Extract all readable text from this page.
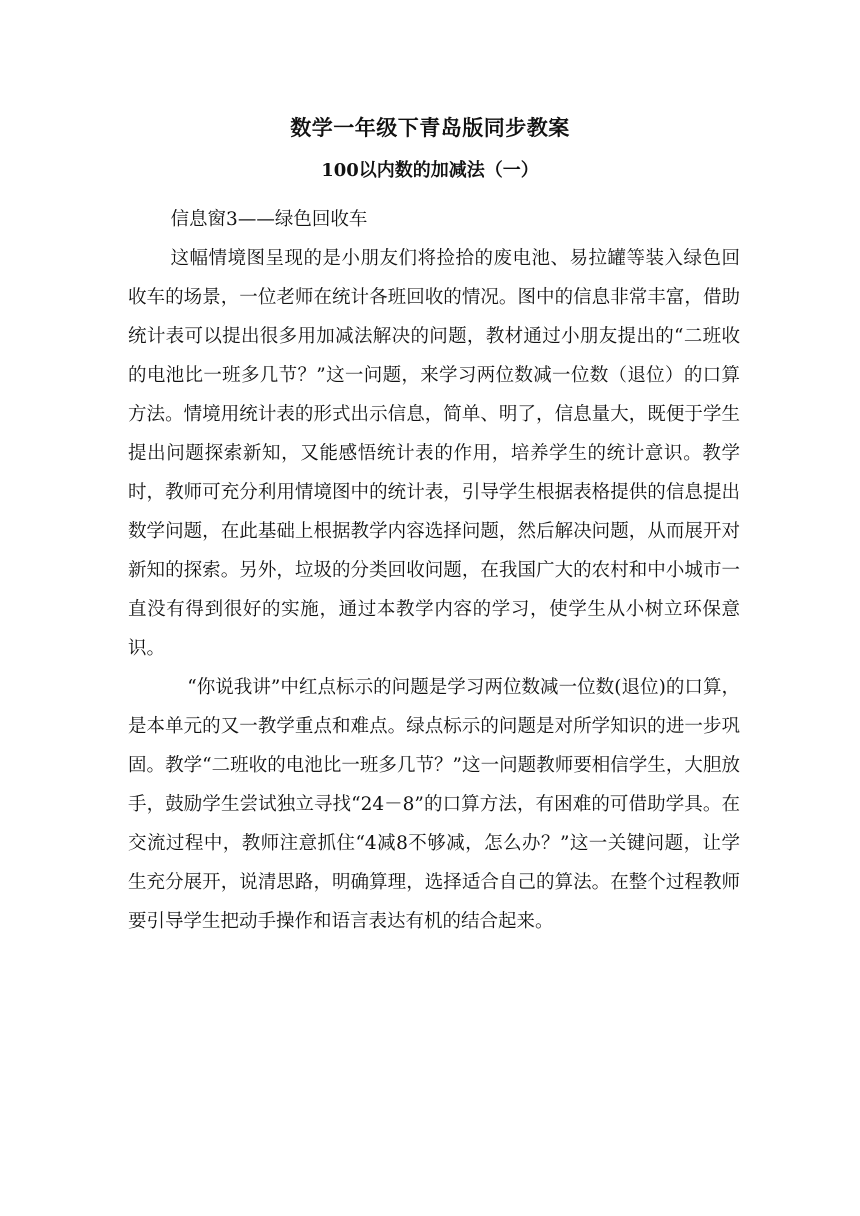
数学一年级下青岛版同步教案
100以内数的加减法（一）

信息窗3——绿色回收车

这幅情境图呈现的是小朋友们将捡拾的废电池、易拉罐等装入绿色回收车的场景，一位老师在统计各班回收的情况。图中的信息非常丰富，借助统计表可以提出很多用加减法解决的问题，教材通过小朋友提出的“二班收的电池比一班多几节？”这一问题，来学习两位数减一位数（退位）的口算方法。情境用统计表的形式出示信息，简单、明了，信息量大，既便于学生提出问题探索新知，又能感悟统计表的作用，培养学生的统计意识。教学时，教师可充分利用情境图中的统计表，引导学生根据表格提供的信息提出数学问题，在此基础上根据教学内容选择问题，然后解决问题，从而展开对新知的探索。另外，垃圾的分类回收问题，在我国广大的农村和中小城市一直没有得到很好的实施，通过本教学内容的学习，使学生从小树立环保意识。

“你说我讲”中红点标示的问题是学习两位数减一位数(退位)的口算，是本单元的又一教学重点和难点。绿点标示的问题是对所学知识的进一步巩固。教学“二班收的电池比一班多几节？”这一问题教师要相信学生，大胆放手，鼓励学生尝试独立寻找“24－8”的口算方法，有困难的可借助学具。在交流过程中，教师注意抓住“4减8不够减，怎么办？”这一关键问题，让学生充分展开，说清思路，明确算理，选择适合自己的算法。在整个过程教师要引导学生把动手操作和语言表达有机的结合起来。
